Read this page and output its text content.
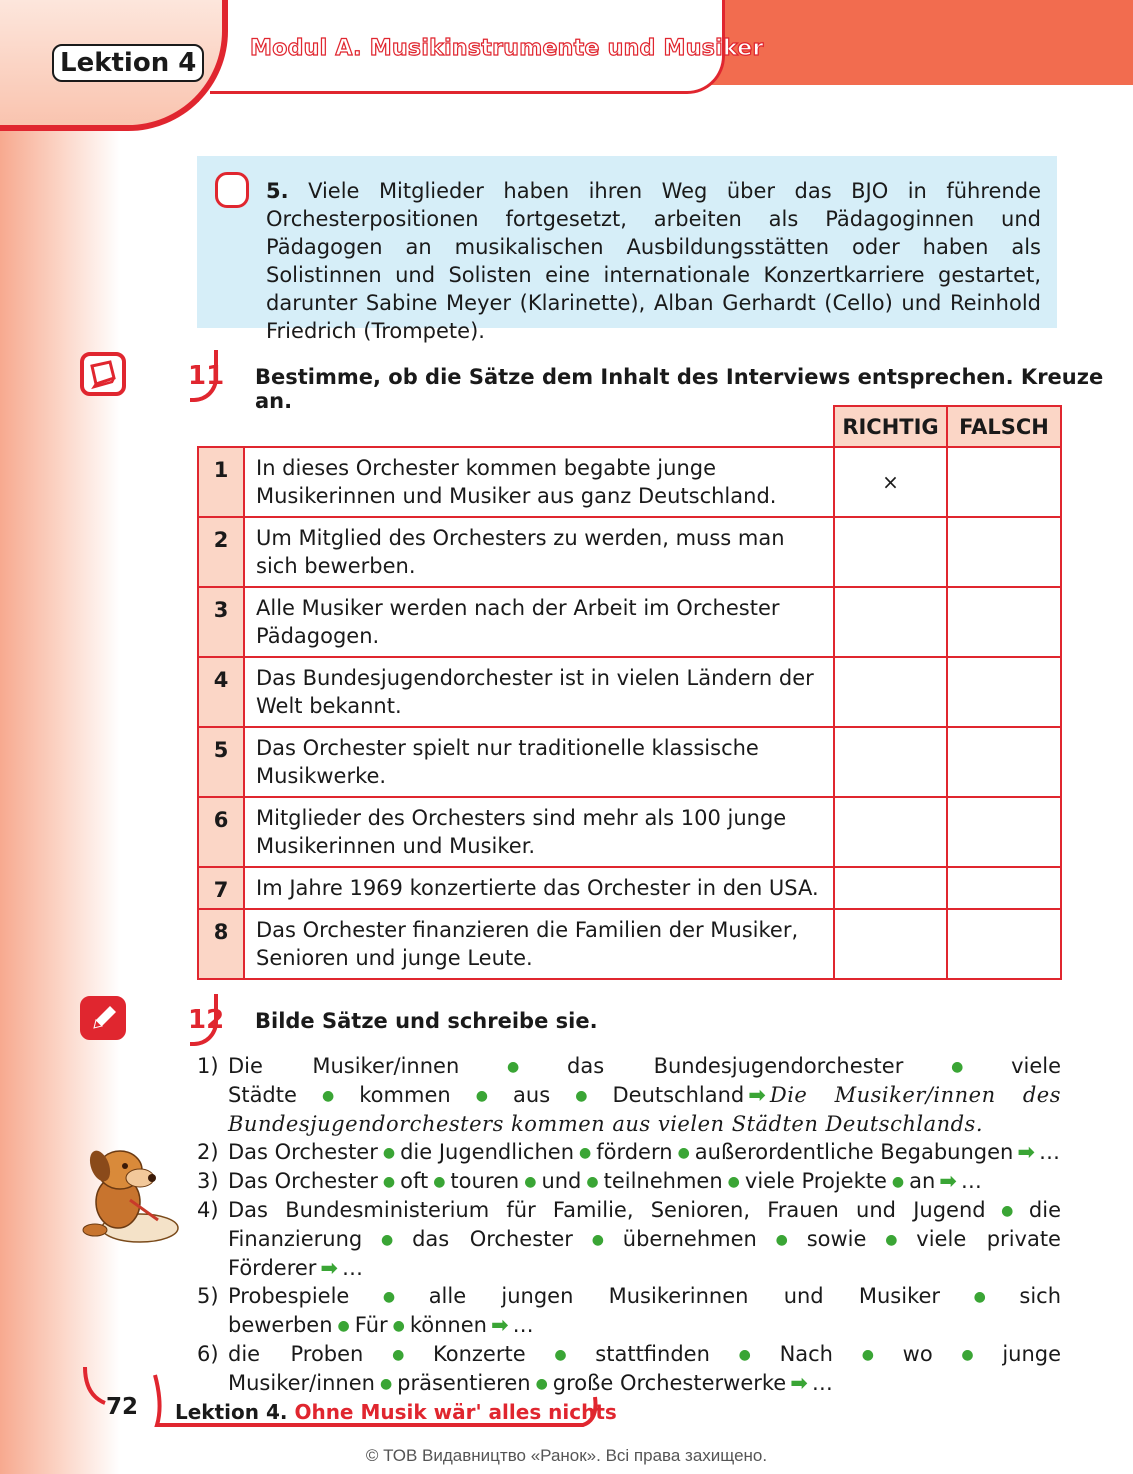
Lektion 4	Modul A. Musikinstrumente und Musiker
5. Viele Mitglieder haben ihren Weg über das BJO in führende Orchesterpositionen fortgesetzt, arbeiten als Pädagoginnen und Pädagogen an musikalischen Ausbildungsstätten oder haben als Solistinnen und Solisten eine internationale Konzertkarriere gestartet, darunter Sabine Meyer (Klarinette), Alban Gerhardt (Cello) und Reinhold Friedrich (Trompete).
11 Bestimme, ob die Sätze dem Inhalt des Interviews entsprechen. Kreuze an.
		RICHTIG	FALSCH
1	In dieses Orchester kommen begabte junge Musikerinnen und Musiker aus ganz Deutschland.	×	
2	Um Mitglied des Orchesters zu werden, muss man sich bewerben.		
3	Alle Musiker werden nach der Arbeit im Orchester Pädagogen.		
4	Das Bundesjugendorchester ist in vielen Ländern der Welt bekannt.		
5	Das Orchester spielt nur traditionelle klassische Musikwerke.		
6	Mitglieder des Orchesters sind mehr als 100 junge Musikerinnen und Musiker.		
7	Im Jahre 1969 konzertierte das Orchester in den USA.		
8	Das Orchester finanzieren die Familien der Musiker, Senioren und junge Leute.		
12 Bilde Sätze und schreibe sie.
1) Die Musiker/innen ● das Bundesjugendorchester ● viele Städte ● kommen ● aus ● Deutschland ➡ Die Musiker/innen des Bundesjugendorchesters kommen aus vielen Städten Deutschlands.
2) Das Orchester ● die Jugendlichen ● fördern ● außerordentliche Begabungen ➡ …
3) Das Orchester ● oft ● touren ● und ● teilnehmen ● viele Projekte ● an ➡ …
4) Das Bundesministerium für Familie, Senioren, Frauen und Jugend ● die Finanzierung ● das Orchester ● übernehmen ● sowie ● viele private Förderer ➡ …
5) Probespiele ● alle jungen Musikerinnen und Musiker ● sich bewerben ● Für ● können ➡ …
6) die Proben ● Konzerte ● stattfinden ● Nach ● wo ● junge Musiker/innen ● präsentieren ● große Orchesterwerke ➡ …
72 Lektion 4. Ohne Musik wär' alles nichts
© ТОВ Видавництво «Ранок». Всі права захищено.
